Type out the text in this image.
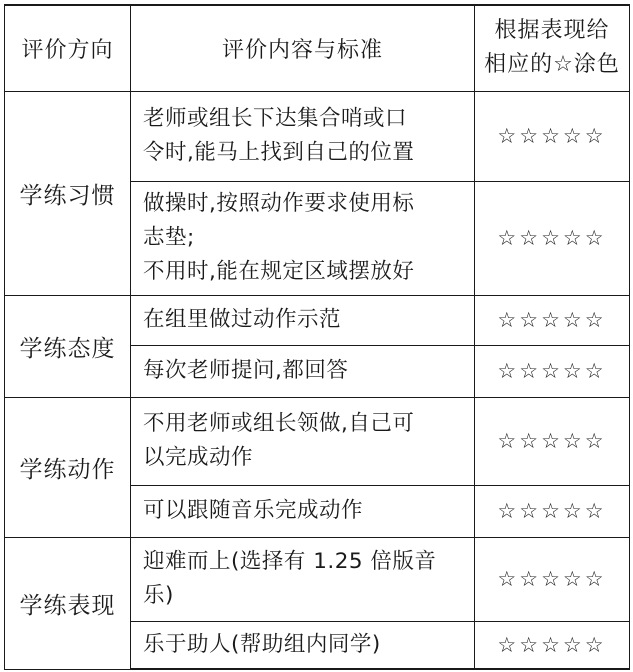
评价方向	评价内容与标准	根据表现给
相应的☆涂色
学练习惯	老师或组长下达集合哨或口
令时,能马上找到自己的位置	☆☆☆☆☆

	做操时,按照动作要求使用标
志垫;
不用时,能在规定区域摆放好	☆☆☆☆☆
学练态度	在组里做过动作示范	☆☆☆☆☆

	每次老师提问,都回答	☆☆☆☆☆
学练动作	不用老师或组长领做,自己可
以完成动作	☆☆☆☆☆

	可以跟随音乐完成动作	☆☆☆☆☆
学练表现	迎难而上(选择有 1.25 倍版音
乐)	☆☆☆☆☆

	乐于助人(帮助组内同学)	☆☆☆☆☆
